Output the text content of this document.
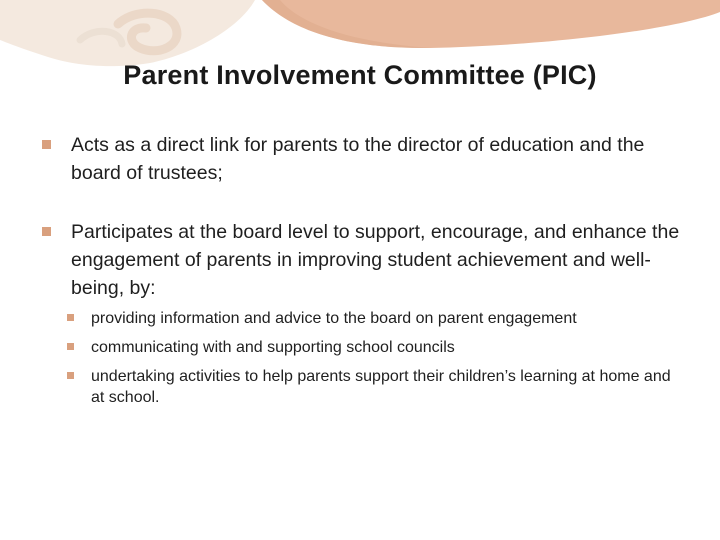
Parent Involvement Committee (PIC)
Acts as a direct link for parents to the director of education and the board of trustees;
Participates at the board level to support, encourage, and enhance the engagement of parents in improving student achievement and well-being, by:
providing information and advice to the board on parent engagement
communicating with and supporting school councils
undertaking activities to help parents support their children’s learning at home and at school.
